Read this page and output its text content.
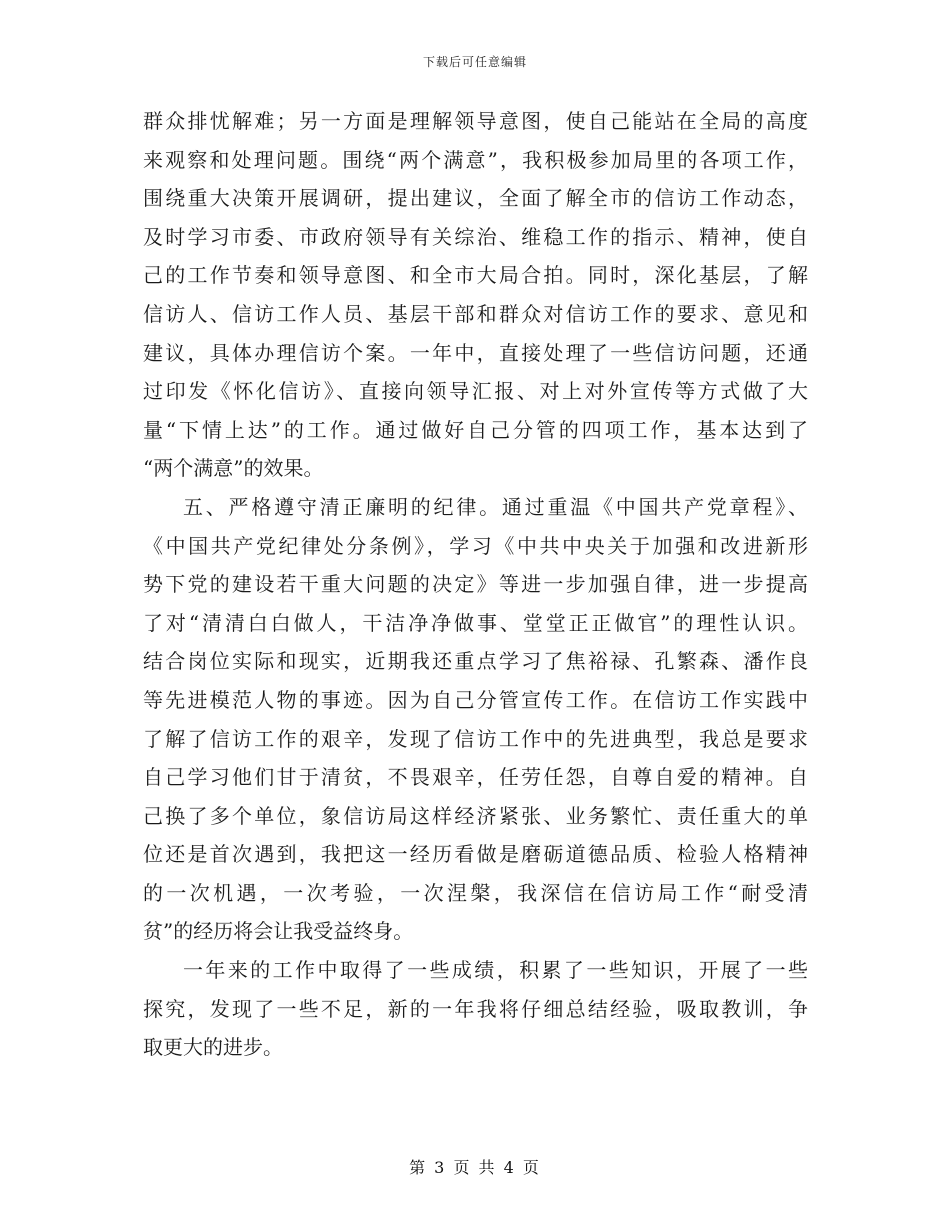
下载后可任意编辑
群众排忧解难；另一方面是理解领导意图，使自己能站在全局的高度
来观察和处理问题。围绕“两个满意”，我积极参加局里的各项工作，
围绕重大决策开展调研，提出建议，全面了解全市的信访工作动态，
及时学习市委、市政府领导有关综治、维稳工作的指示、精神，使自
己的工作节奏和领导意图、和全市大局合拍。同时，深化基层，了解
信访人、信访工作人员、基层干部和群众对信访工作的要求、意见和
建议，具体办理信访个案。一年中，直接处理了一些信访问题，还通
过印发《怀化信访》、直接向领导汇报、对上对外宣传等方式做了大
量“下情上达”的工作。通过做好自己分管的四项工作，基本达到了
“两个满意”的效果。
五、严格遵守清正廉明的纪律。通过重温《中国共产党章程》、
《中国共产党纪律处分条例》，学习《中共中央关于加强和改进新形
势下党的建设若干重大问题的决定》等进一步加强自律，进一步提高
了对“清清白白做人，干洁净净做事、堂堂正正做官”的理性认识。
结合岗位实际和现实，近期我还重点学习了焦裕禄、孔繁森、潘作良
等先进模范人物的事迹。因为自己分管宣传工作。在信访工作实践中
了解了信访工作的艰辛，发现了信访工作中的先进典型，我总是要求
自己学习他们甘于清贫，不畏艰辛，任劳任怨，自尊自爱的精神。自
己换了多个单位，象信访局这样经济紧张、业务繁忙、责任重大的单
位还是首次遇到，我把这一经历看做是磨砺道德品质、检验人格精神
的一次机遇，一次考验，一次涅槃，我深信在信访局工作“耐受清
贫”的经历将会让我受益终身。
一年来的工作中取得了一些成绩，积累了一些知识，开展了一些
探究，发现了一些不足，新的一年我将仔细总结经验，吸取教训，争
取更大的进步。
第 3 页 共 4 页
